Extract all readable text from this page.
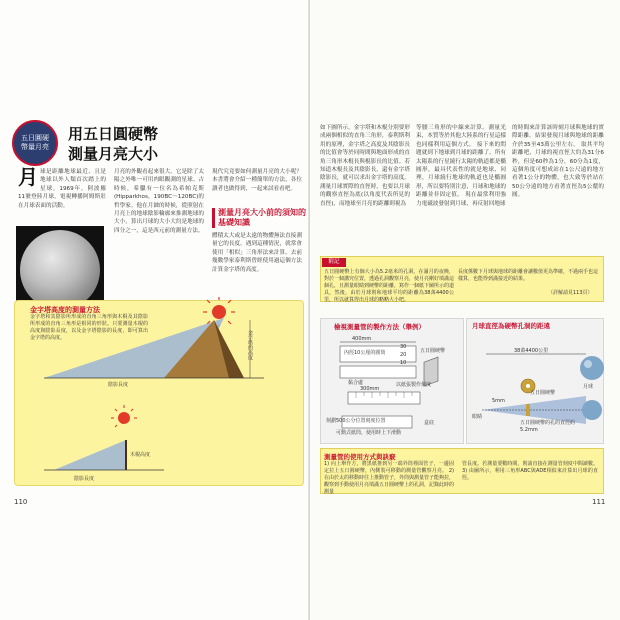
五日圓硬
幣量月亮
用五日圓硬幣
測量月亮大小
月 球是距離地球最近、且是地球以外人類首次踏上的星球。1969年，阿波羅11號登陸月球，電視轉播阿姆斯壯在月球表面的活動。
月亮的外觀看起來很大。它是除了太陽之外唯一可用肉眼觀測的星球。古時候，希臘有一位名為希帕克斯(Hipparkhos，190BC～120BC)的哲學家。他在月蝕的時候，從照射在月亮上的地球陰影輪廓來推測地球的大小，算出月球的大小大約是地球的四分之一，這是西元前的測量方法。
現代究竟要如何測量月亮的大小呢？本書將會介紹一種簡單的方法，各位讀者也做得到，一起來試看看吧。
測量月亮大小前的須知的基礎知識
體積太大或是太遠的物體無法直接測量它的長度。遇到這種情況，就常會使用「相似」三角形法來計算。去前幾數學家泰利斯曾經使用過這個方法計算金字塔的高度。
金字塔高度的測量方法
金字塔和其陰影所形成的直角三角形與木棍及其陰影所形成的直角三角形是相同的形狀。只要測量木棍的高度與陰影長度，以及金字塔陰影的長度，即可算出金字塔的高度。	金字塔的高度
陰影長度
木棍高度
陰影長度
110
如下圖所示，金字塔和木棍分別要形成兩個相似的直角三角形，泰利斯利用的原理，金字塔之高度及其陰影長的比值會等於同時間與地面形成的直角三角形木棍長與棍影長的比值。若知道木棍長及其陰影長，還有金字塔陰影長，就可以求出金字塔的高度。 測量月球實際的直徑時，也要以月球的觀察直徑為底(以角度代表所見的直徑)，而地球至月亮的距離則視為
等腰三角形的中線來計算。測量光束，本質等於其他大陸系的行星這樣也同樣利用這個方式。 接下來的問題就到下地球到月球的距離了。所有太陽系的行星繞行太陽的軌道都是橢圓形，最具代表性的就是地球、同理，月球繞行地球的軌道也是橢圓形，所以要特別注意，月球和地球的距離並非固定值。 現在最常利用強力電磁波發射到月球，再反射回地球
的時間來計算該時刻月球與地球的實際距離。結果發現月球與地球的距離介於35至43萬公里左右。 取其平均距離吧，月球的視直徑大約為31分6秒，但是60秒為1分，60分為1度，這個角度可想成站在1公尺遠的地方看著1公分的物體，也大致等於站在50公分遠的地方看著直徑為5公釐的圓。
附記
五日圓硬幣上有個大小為5.2毫米的孔洞。在滿月的夜晚，對於一個講究位置，透過孔洞觀察月亮，使月亮剛好填滿這個孔，且測量眼睛到硬幣的距離，寫作一個紙下圖所示的道具，然後，由於月球則和地球平均的距離為38萬4400公里，所以就算得出月球的略略大小吧。
長度係數下月球與地球的距離會讓數值更為準確，不過兩手也這樣算，也能得到滿接近的結果。
（詳解請見113頁）
檢視測量管的製作方法（舉例）
400mm
內徑10公厘的圓筒
黏合處
300mm
以紙張製作刻度
五日圓硬幣
30
20
10
盒底
可動式紙筒，使用時上下滑動
刻劃500公分位置刻度位置
月球直徑為硬幣孔洞的距遠
38萬4400公里
月球
5mm
五日圓硬幣
眼睛
五日圓硬幣的孔的直徑約5.2mm
測量管的使用方式與訣竅
1) 向上舉作方，將黑紙推到另一端外筒裡面管子，一邊固定拉上五日圓硬幣，內側裝可移動的測量管觀察月亮。 2) 在由於太的移動時往上推動管子，外筒與測量管子能夠拉，觀察到手動使用月亮填滿五日圓硬幣上的孔洞，記錄此時的測量
管長度。若測量要數時間，則請直接在測量管刻度中間讀數。 3) 由圖所示，利用三角形ABC與ADE相似來計算出月球的直徑。
111
